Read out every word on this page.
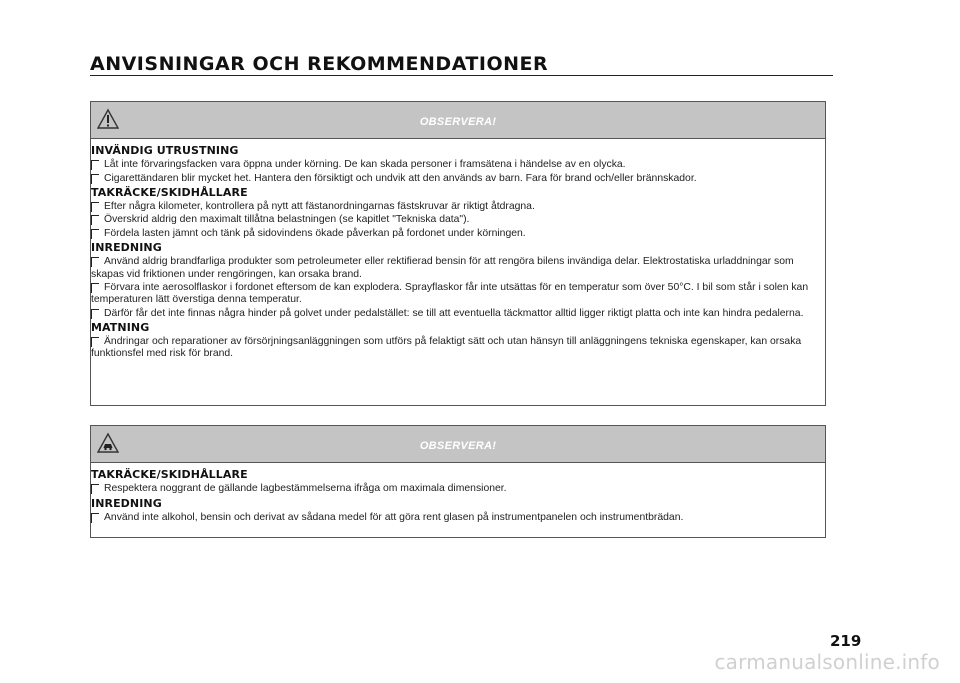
ANVISNINGAR OCH REKOMMENDATIONER
OBSERVERA!
INVÄNDIG UTRUSTNING
Låt inte förvaringsfacken vara öppna under körning. De kan skada personer i framsätena i händelse av en olycka.
Cigarettändaren blir mycket het. Hantera den försiktigt och undvik att den används av barn. Fara för brand och/eller brännskador.
TAKRÄCKE/SKIDHÅLLARE
Efter några kilometer, kontrollera på nytt att fästanordningarnas fästskruvar är riktigt åtdragna.
Överskrid aldrig den maximalt tillåtna belastningen (se kapitlet "Tekniska data").
Fördela lasten jämnt och tänk på sidovindens ökade påverkan på fordonet under körningen.
INREDNING
Använd aldrig brandfarliga produkter som petroleumeter eller rektifierad bensin för att rengöra bilens invändiga delar. Elektrostatiska urladdningar som skapas vid friktionen under rengöringen, kan orsaka brand.
Förvara inte aerosolflaskor i fordonet eftersom de kan explodera. Sprayflaskor får inte utsättas för en temperatur som över 50°C. I bil som står i solen kan temperaturen lätt överstiga denna temperatur.
Därför får det inte finnas några hinder på golvet under pedalstället: se till att eventuella täckmattor alltid ligger riktigt platta och inte kan hindra pedalerna.
MATNING
Ändringar och reparationer av försörjningsanläggningen som utförs på felaktigt sätt och utan hänsyn till anläggningens tekniska egenskaper, kan orsaka funktionsfel med risk för brand.
OBSERVERA!
TAKRÄCKE/SKIDHÅLLARE
Respektera noggrant de gällande lagbestämmelserna ifråga om maximala dimensioner.
INREDNING
Använd inte alkohol, bensin och derivat av sådana medel för att göra rent glasen på instrumentpanelen och instrumentbrädan.
219
carmanualsonline.info
